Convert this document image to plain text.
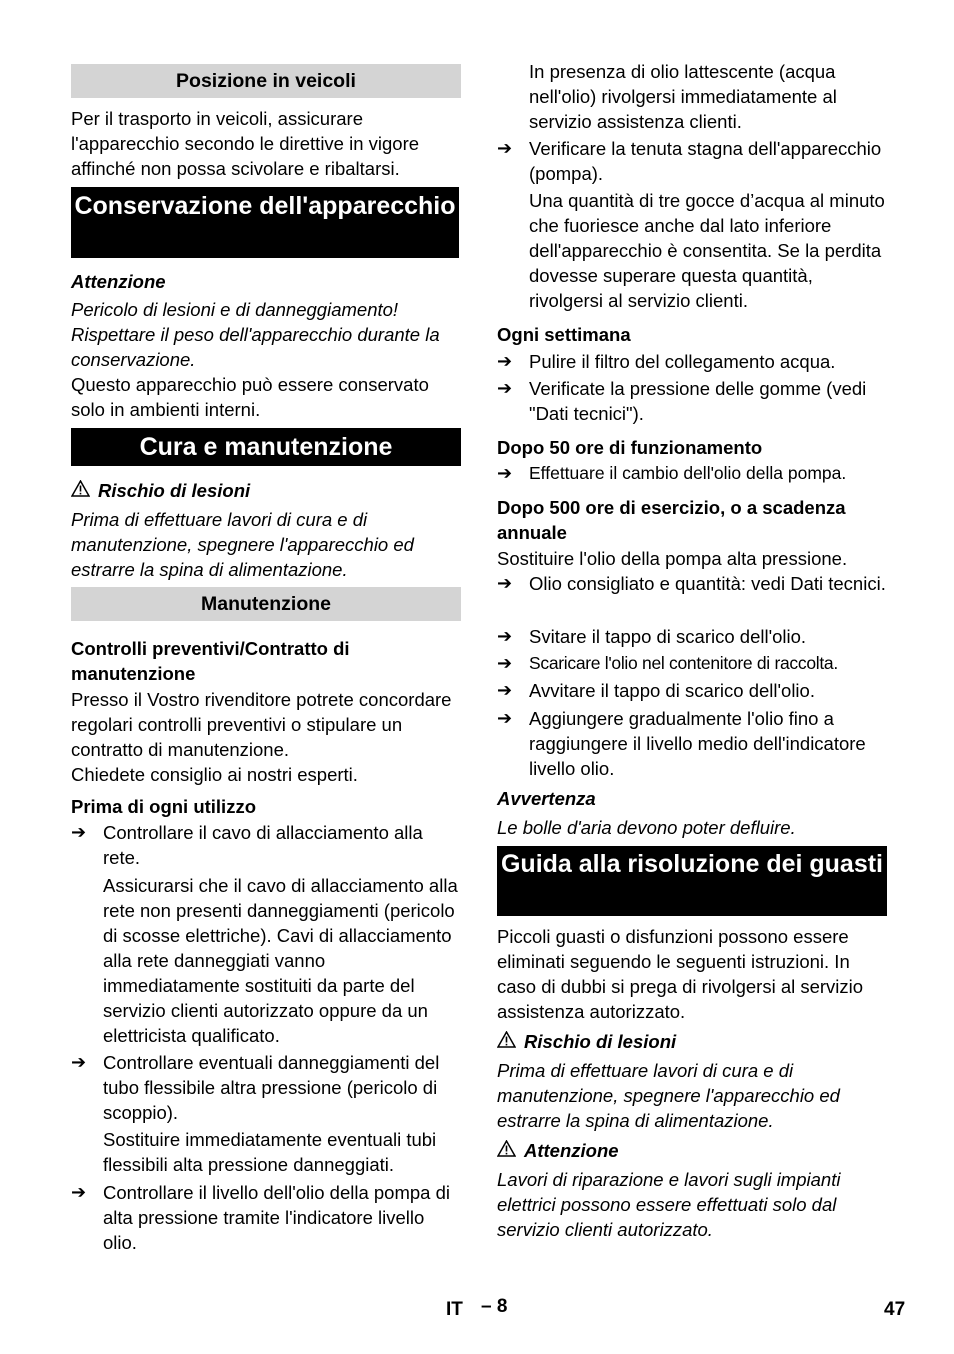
Posizione in veicoli

Per il trasporto in veicoli, assicurare l'apparecchio secondo le direttive in vigore affinché non possa scivolare e ribaltarsi.

Conservazione dell'apparecchio
Attenzione

Pericolo di lesioni e di danneggiamento! Rispettare il peso dell'apparecchio durante la conservazione.

Questo apparecchio può essere conservato solo in ambienti interni.

Cura e manutenzione
Rischio di lesioni

Prima di effettuare lavori di cura e di manutenzione, spegnere l'apparecchio ed estrarre la spina di alimentazione.

Manutenzione
Controlli preventivi/Contratto di manutenzione

Presso il Vostro rivenditore potrete concordare regolari controlli preventivi o stipulare un contratto di manutenzione.

Chiedete consiglio ai nostri esperti.

Prima di ogni utilizzo
➔ Controllare il cavo di allacciamento alla rete.

Assicurarsi che il cavo di allacciamento alla rete non presenti danneggiamenti (pericolo di scosse elettriche). Cavi di allacciamento alla rete danneggiati vanno immediatamente sostituiti da parte del servizio clienti autorizzato oppure da un elettricista qualificato.

➔ Controllare eventuali danneggiamenti del tubo flessibile altra pressione (pericolo di scoppio).

Sostituire immediatamente eventuali tubi flessibili alta pressione danneggiati.

➔ Controllare il livello dell'olio della pompa di alta pressione tramite l'indicatore livello olio.

In presenza di olio lattescente (acqua nell'olio) rivolgersi immediatamente al servizio assistenza clienti.

➔ Verificare la tenuta stagna dell'apparecchio (pompa).

Una quantità di tre gocce d’acqua al minuto che fuoriesce anche dal lato inferiore dell'apparecchio è consentita. Se la perdita dovesse superare questa quantità, rivolgersi al servizio clienti.

Ogni settimana
➔ Pulire il filtro del collegamento acqua.
➔ Verificate la pressione delle gomme (vedi "Dati tecnici").
Dopo 50 ore di funzionamento
➔ Effettuare il cambio dell'olio della pompa.
Dopo 500 ore di esercizio, o a scadenza annuale

Sostituire l'olio della pompa alta pressione.

➔ Olio consigliato e quantità: vedi Dati tecnici.
➔ Svitare il tappo di scarico dell'olio.
➔ Scaricare l'olio nel contenitore di raccolta.
➔ Avvitare il tappo di scarico dell'olio.
➔ Aggiungere gradualmente l'olio fino a raggiungere il livello medio dell'indicatore livello olio.
Avvertenza

Le bolle d'aria devono poter defluire.

Guida alla risoluzione dei guasti

Piccoli guasti o disfunzioni possono essere eliminati seguendo le seguenti istruzioni. In caso di dubbi si prega di rivolgersi al servizio assistenza autorizzato.

Rischio di lesioni

Prima di effettuare lavori di cura e di manutenzione, spegnere l'apparecchio ed estrarre la spina di alimentazione.

Attenzione

Lavori di riparazione e lavori sugli impianti elettrici possono essere effettuati solo dal servizio clienti autorizzato.

IT – 8	47
